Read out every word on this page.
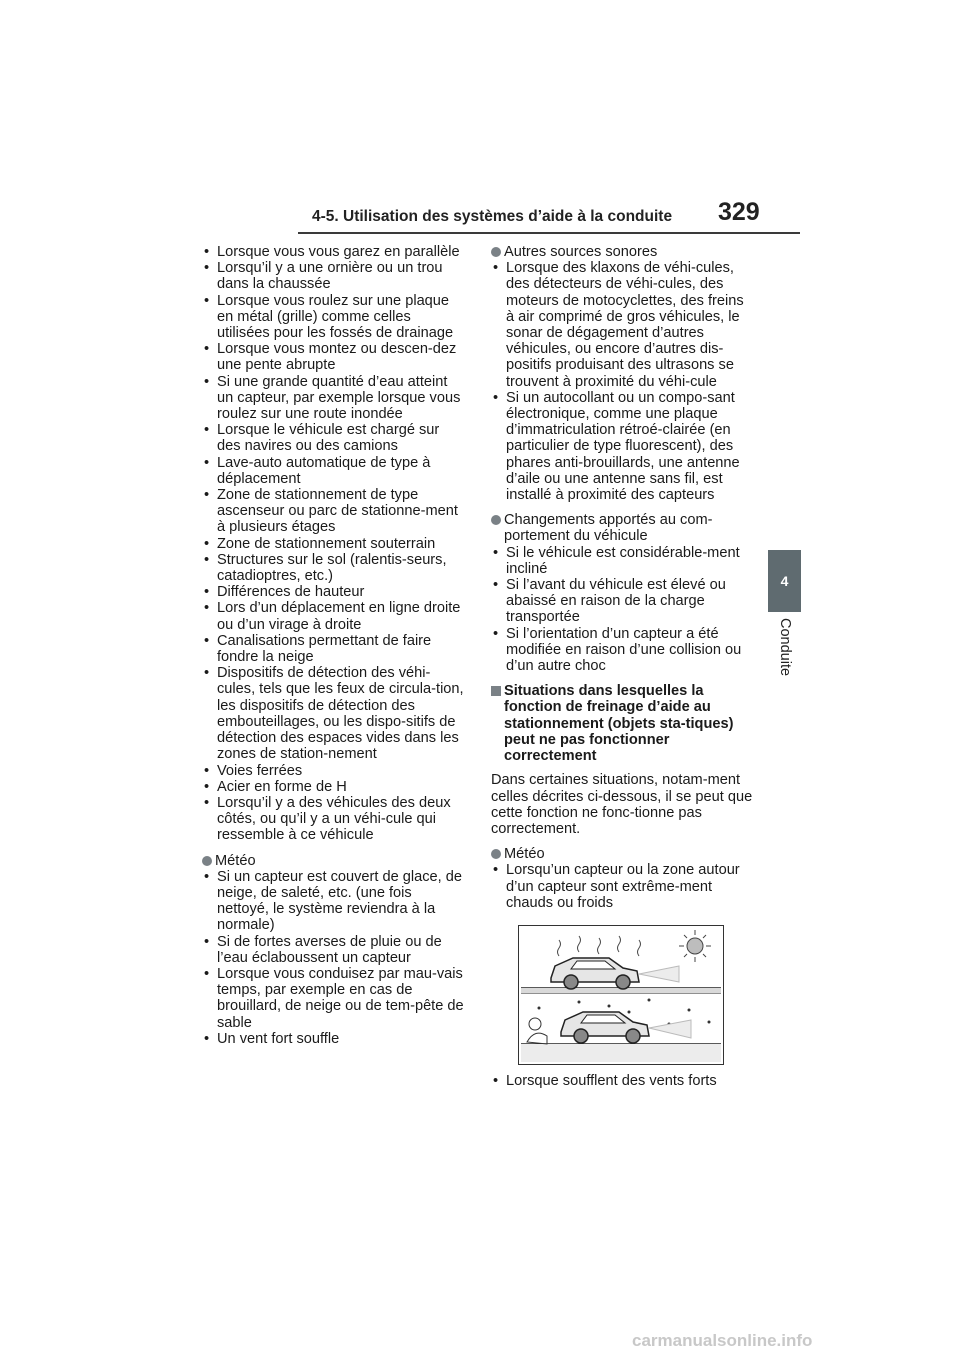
4-5. Utilisation des systèmes d’aide à la conduite 329
4
Conduite
• Lorsque vous vous garez en parallèle
• Lorsqu’il y a une ornière ou un trou dans la chaussée
• Lorsque vous roulez sur une plaque en métal (grille) comme celles utilisées pour les fossés de drainage
• Lorsque vous montez ou descen-dez une pente abrupte
• Si une grande quantité d’eau atteint un capteur, par exemple lorsque vous roulez sur une route inondée
• Lorsque le véhicule est chargé sur des navires ou des camions
• Lave-auto automatique de type à déplacement
• Zone de stationnement de type ascenseur ou parc de stationne-ment à plusieurs étages
• Zone de stationnement souterrain
• Structures sur le sol (ralentis-seurs, catadioptres, etc.)
• Différences de hauteur
• Lors d’un déplacement en ligne droite ou d’un virage à droite
• Canalisations permettant de faire fondre la neige
• Dispositifs de détection des véhi-cules, tels que les feux de circula-tion, les dispositifs de détection des embouteillages, ou les dispo-sitifs de détection des espaces vides dans les zones de station-nement
• Voies ferrées
• Acier en forme de H
• Lorsqu’il y a des véhicules des deux côtés, ou qu’il y a un véhi-cule qui ressemble à ce véhicule
Météo
• Si un capteur est couvert de glace, de neige, de saleté, etc. (une fois nettoyé, le système reviendra à la normale)
• Si de fortes averses de pluie ou de l’eau éclaboussent un capteur
• Lorsque vous conduisez par mau-vais temps, par exemple en cas de brouillard, de neige ou de tem-pête de sable
• Un vent fort souffle
Autres sources sonores
• Lorsque des klaxons de véhi-cules, des détecteurs de véhi-cules, des moteurs de motocyclettes, des freins à air comprimé de gros véhicules, le sonar de dégagement d’autres véhicules, ou encore d’autres dis-positifs produisant des ultrasons se trouvent à proximité du véhi-cule
• Si un autocollant ou un compo-sant électronique, comme une plaque d’immatriculation rétroé-clairée (en particulier de type fluorescent), des phares anti-brouillards, une antenne d’aile ou une antenne sans fil, est installé à proximité des capteurs
Changements apportés au com-portement du véhicule
• Si le véhicule est considérable-ment incliné
• Si l’avant du véhicule est élevé ou abaissé en raison de la charge transportée
• Si l’orientation d’un capteur a été modifiée en raison d’une collision ou d’un autre choc
Situations dans lesquelles la fonction de freinage d’aide au stationnement (objets sta-tiques) peut ne pas fonctionner correctement
Dans certaines situations, notam-ment celles décrites ci-dessous, il se peut que cette fonction ne fonc-tionne pas correctement.
Météo
• Lorsqu’un capteur ou la zone autour d’un capteur sont extrême-ment chauds ou froids
• Lorsque soufflent des vents forts
carmanualsonline.info
